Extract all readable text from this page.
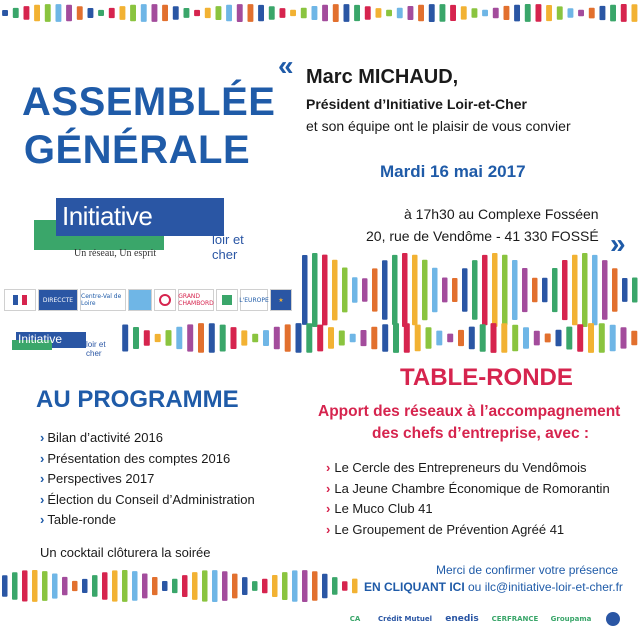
ASSEMBLÉE
GÉNÉRALE
Initiative
loir et cher
Un réseau, Un esprit
DIRECCTE Centre-Val de Loire
GRAND CHAMBORD	L'EUROPE	★
Initiative	loir et cher
« Marc MICHAUD,
Président d’Initiative Loir-et-Cher
et son équipe ont le plaisir de vous convier
Mardi 16 mai 2017
à 17h30 au Complexe Fosséen
20, rue de Vendôme - 41 330 FOSSÉ »
AU PROGRAMME
› Bilan d’activité 2016
› Présentation des comptes 2016
› Perspectives 2017
› Élection du Conseil d’Administration
› Table-ronde
Un cocktail clôturera la soirée
TABLE-RONDE
Apport des réseaux à l’accompagnement
des chefs d’entreprise, avec :
› Le Cercle des Entrepreneurs du Vendômois
› La Jeune Chambre Économique de Romorantin
› Le Muco Club 41
› Le Groupement de Prévention Agréé 41
Merci de confirmer votre présence
EN CLIQUANT ICI ou ilc@initiative-loir-et-cher.fr
CA	Crédit Mutuel enedis CERFRANCE Groupama
